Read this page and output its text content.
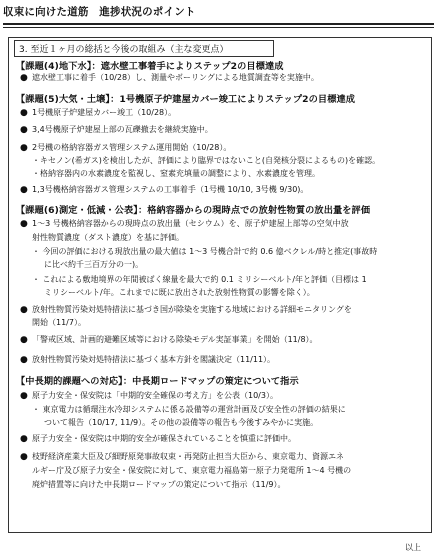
収束に向けた道筋　進捗状況のポイント
3. 至近１ヶ月の総括と今後の取組み（主な変更点）
【課題(4)地下水】：遮水壁工事着手によりステップ2の目標達成
● 遮水壁工事に着手（10/28）し、測量やボーリングによる地質調査等を実施中。
【課題(5)大気・土壌】：1号機原子炉建屋カバー竣工によりステップ2の目標達成
● 1号機原子炉建屋カバー竣工（10/28）。
● 3,4号機原子炉建屋上部の瓦礫撤去を継続実施中。
● 2号機の格納容器ガス管理システム運用開始（10/28）。
・キセノン(希ガス)を検出したが、評価により臨界ではないこと(自発核分裂によるもの)を確認。
・格納容器内の水素濃度を監視し、窒素充填量の調整により、水素濃度を管理。
● 1,3号機格納容器ガス管理システムの工事着手（1号機 10/10, 3号機 9/30)。
【課題(6)測定・低減・公表】：格納容器からの現時点での放射性物質の放出量を評価
● 1～3 号機格納容器からの現時点の放出量（セシウム）を、原子炉建屋上部等の空気中放
射性物質濃度（ダスト濃度）を基に評価。
・ 今回の評価における現放出量の最大値は 1～3 号機合計で約 0.6 億ベクレル/時と推定(事故時
に比べ約千三百万分の一)。
・ これによる敷地境界の年間被ばく線量を最大で約 0.1 ミリシーベルト/年と評価（目標は 1
ミリシーベルト/年。これまでに既に放出された放射性物質の影響を除く）。
● 放射性物質汚染対処特措法に基づき国が除染を実施する地域における詳細モニタリングを
開始（11/7）。
● 「警戒区域、計画的避難区域等における除染モデル実証事業」を開始（11/8）。
● 放射性物質汚染対処特措法に基づく基本方針を閣議決定（11/11）。
【中長期的課題への対応】：中長期ロードマップの策定について指示
● 原子力安全・保安院は「中期的安全確保の考え方」を公表（10/3）。
・ 東京電力は循環注水冷却システムに係る設備等の運営計画及び安全性の評価の結果に
ついて報告（10/17, 11/9）。その他の設備等の報告も今後すみやかに実施。
● 原子力安全・保安院は中期的安全が確保されていることを慎重に評価中。
● 枝野経済産業大臣及び細野原発事故収束・再発防止担当大臣から、東京電力、資源エネ
ルギー庁及び原子力安全・保安院に対して、東京電力福島第一原子力発電所 1～4 号機の
廃炉措置等に向けた中長期ロードマップの策定について指示（11/9）。
以上
